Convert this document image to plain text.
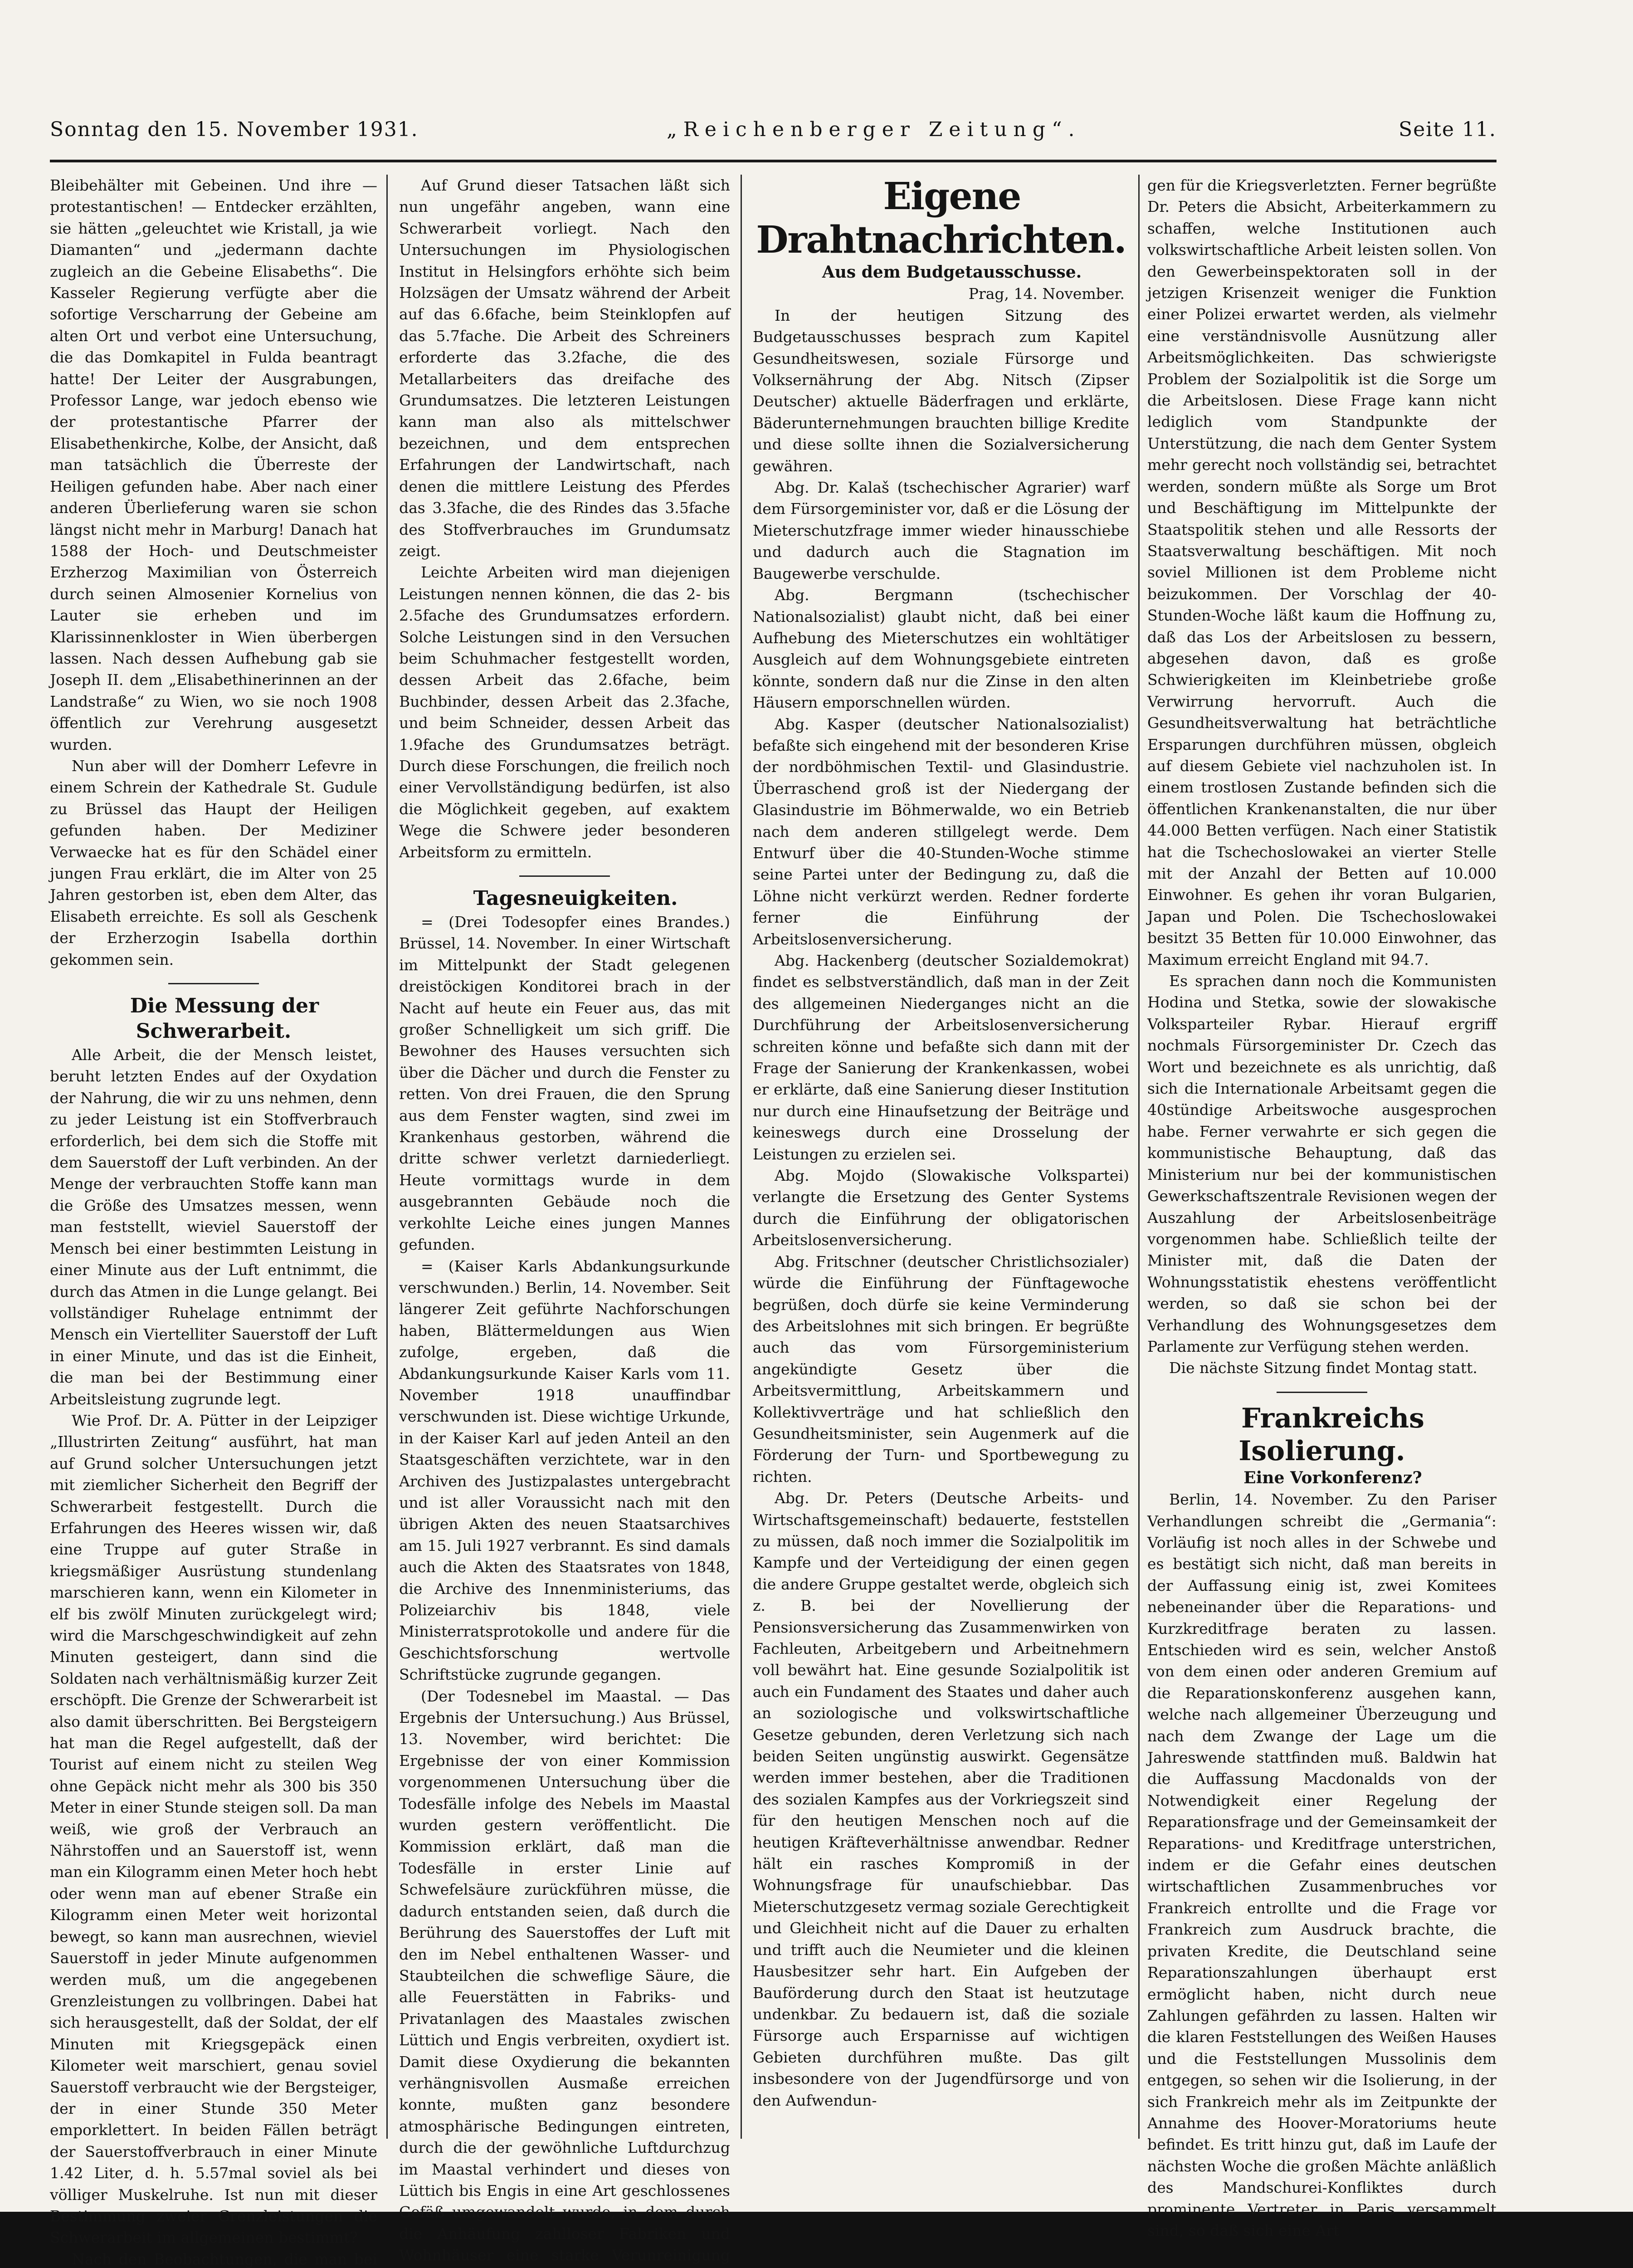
Sonntag den 15. November 1931.	„Reichenberger Zeitung“.	Seite 11.

Bleibehälter mit Gebeinen. Und ihre — protestantischen! — Entdecker erzählten, sie hätten „geleuchtet wie Kristall, ja wie Diamanten“ und „jedermann dachte zugleich an die Gebeine Elisabeths“. Die Kasseler Regierung verfügte aber die sofortige Verscharrung der Gebeine am alten Ort und verbot eine Untersuchung, die das Domkapitel in Fulda beantragt hatte! Der Leiter der Ausgrabungen, Professor Lange, war jedoch ebenso wie der protestantische Pfarrer der Elisabethenkirche, Kolbe, der Ansicht, daß man tatsächlich die Überreste der Heiligen gefunden habe. Aber nach einer anderen Überlieferung waren sie schon längst nicht mehr in Marburg! Danach hat 1588 der Hoch- und Deutschmeister Erzherzog Maximilian von Österreich durch seinen Almosenier Kornelius von Lauter sie erheben und im Klarissinnenkloster in Wien überbergen lassen. Nach dessen Aufhebung gab sie Joseph II. dem „Elisabethinerinnen an der Landstraße“ zu Wien, wo sie noch 1908 öffentlich zur Verehrung ausgesetzt wurden.

Nun aber will der Domherr Lefevre in einem Schrein der Kathedrale St. Gudule zu Brüssel das Haupt der Heiligen gefunden haben. Der Mediziner Verwaecke hat es für den Schädel einer jungen Frau erklärt, die im Alter von 25 Jahren gestorben ist, eben dem Alter, das Elisabeth erreichte. Es soll als Geschenk der Erzherzogin Isabella dorthin gekommen sein.

Die Messung der Schwerarbeit.

Alle Arbeit, die der Mensch leistet, beruht letzten Endes auf der Oxydation der Nahrung, die wir zu uns nehmen, denn zu jeder Leistung ist ein Stoffverbrauch erforderlich, bei dem sich die Stoffe mit dem Sauerstoff der Luft verbinden. An der Menge der verbrauchten Stoffe kann man die Größe des Umsatzes messen, wenn man feststellt, wieviel Sauerstoff der Mensch bei einer bestimmten Leistung in einer Minute aus der Luft entnimmt, die durch das Atmen in die Lunge gelangt. Bei vollständiger Ruhelage entnimmt der Mensch ein Viertelliter Sauerstoff der Luft in einer Minute, und das ist die Einheit, die man bei der Bestimmung einer Arbeitsleistung zugrunde legt.

Wie Prof. Dr. A. Pütter in der Leipziger „Illustrirten Zeitung“ ausführt, hat man auf Grund solcher Untersuchungen jetzt mit ziemlicher Sicherheit den Begriff der Schwerarbeit festgestellt. Durch die Erfahrungen des Heeres wissen wir, daß eine Truppe auf guter Straße in kriegsmäßiger Ausrüstung stundenlang marschieren kann, wenn ein Kilometer in elf bis zwölf Minuten zurückgelegt wird; wird die Marschgeschwindigkeit auf zehn Minuten gesteigert, dann sind die Soldaten nach verhältnismäßig kurzer Zeit erschöpft. Die Grenze der Schwerarbeit ist also damit überschritten. Bei Bergsteigern hat man die Regel aufgestellt, daß der Tourist auf einem nicht zu steilen Weg ohne Gepäck nicht mehr als 300 bis 350 Meter in einer Stunde steigen soll. Da man weiß, wie groß der Verbrauch an Nährstoffen und an Sauerstoff ist, wenn man ein Kilogramm einen Meter hoch hebt oder wenn man auf ebener Straße ein Kilogramm einen Meter weit horizontal bewegt, so kann man ausrechnen, wieviel Sauerstoff in jeder Minute aufgenommen werden muß, um die angegebenen Grenzleistungen zu vollbringen. Dabei hat sich herausgestellt, daß der Soldat, der elf Minuten mit Kriegsgepäck einen Kilometer weit marschiert, genau soviel Sauerstoff verbraucht wie der Bergsteiger, der in einer Stunde 350 Meter emporklettert. In beiden Fällen beträgt der Sauerstoffverbrauch in einer Minute 1.42 Liter, d. h. 5.57mal soviel als bei völliger Muskelruhe. Ist nun mit dieser Bestimmung zweier Grenzleistungen die Schwerarbeit im allgemeinen bestimmt?

Nach den Beobachtungen, die man bei

Auf Grund dieser Tatsachen läßt sich nun ungefähr angeben, wann eine Schwerarbeit vorliegt. Nach den Untersuchungen im Physiologischen Institut in Helsingfors erhöhte sich beim Holzsägen der Umsatz während der Arbeit auf das 6.6fache, beim Steinklopfen auf das 5.7fache. Die Arbeit des Schreiners erforderte das 3.2fache, die des Metallarbeiters das dreifache des Grundumsatzes. Die letzteren Leistungen kann man also als mittelschwer bezeichnen, und dem entsprechen Erfahrungen der Landwirtschaft, nach denen die mittlere Leistung des Pferdes das 3.3fache, die des Rindes das 3.5fache des Stoffverbrauches im Grundumsatz zeigt.

Leichte Arbeiten wird man diejenigen Leistungen nennen können, die das 2- bis 2.5fache des Grundumsatzes erfordern. Solche Leistungen sind in den Versuchen beim Schuhmacher festgestellt worden, dessen Arbeit das 2.6fache, beim Buchbinder, dessen Arbeit das 2.3fache, und beim Schneider, dessen Arbeit das 1.9fache des Grundumsatzes beträgt. Durch diese Forschungen, die freilich noch einer Vervollständigung bedürfen, ist also die Möglichkeit gegeben, auf exaktem Wege die Schwere jeder besonderen Arbeitsform zu ermitteln.

Tagesneuigkeiten.

= (Drei Todesopfer eines Brandes.) Brüssel, 14. November. In einer Wirtschaft im Mittelpunkt der Stadt gelegenen dreistöckigen Konditorei brach in der Nacht auf heute ein Feuer aus, das mit großer Schnelligkeit um sich griff. Die Bewohner des Hauses versuchten sich über die Dächer und durch die Fenster zu retten. Von drei Frauen, die den Sprung aus dem Fenster wagten, sind zwei im Krankenhaus gestorben, während die dritte schwer verletzt darniederliegt. Heute vormittags wurde in dem ausgebrannten Gebäude noch die verkohlte Leiche eines jungen Mannes gefunden.

= (Kaiser Karls Abdankungsurkunde verschwunden.) Berlin, 14. November. Seit längerer Zeit geführte Nachforschungen haben, Blättermeldungen aus Wien zufolge, ergeben, daß die Abdankungsurkunde Kaiser Karls vom 11. November 1918 unauffindbar verschwunden ist. Diese wichtige Urkunde, in der Kaiser Karl auf jeden Anteil an den Staatsgeschäften verzichtete, war in den Archiven des Justizpalastes untergebracht und ist aller Voraussicht nach mit den übrigen Akten des neuen Staatsarchives am 15. Juli 1927 verbrannt. Es sind damals auch die Akten des Staatsrates von 1848, die Archive des Innenministeriums, das Polizeiarchiv bis 1848, viele Ministerratsprotokolle und andere für die Geschichtsforschung wertvolle Schriftstücke zugrunde gegangen.

(Der Todesnebel im Maastal. — Das Ergebnis der Untersuchung.) Aus Brüssel, 13. November, wird berichtet: Die Ergebnisse der von einer Kommission vorgenommenen Untersuchung über die Todesfälle infolge des Nebels im Maastal wurden gestern veröffentlicht. Die Kommission erklärt, daß man die Todesfälle in erster Linie auf Schwefelsäure zurückführen müsse, die dadurch entstanden seien, daß durch die Berührung des Sauerstoffes der Luft mit den im Nebel enthaltenen Wasser- und Staubteilchen die schweflige Säure, die alle Feuerstätten in Fabriks- und Privatanlagen des Maastales zwischen Lüttich und Engis verbreiten, oxydiert ist. Damit diese Oxydierung die bekannten verhängnisvollen Ausmaße erreichen konnte, mußten ganz besondere atmosphärische Bedingungen eintreten, durch die der gewöhnliche Luftdurchzug im Maastal verhindert und dieses von Lüttich bis Engis in eine Art geschlossenes Gefäß umgewandelt wurde, in dem durch die Anhäufung zahlloser Fabriken und Wohnhäuser eine starke Verunreinigung

Eigene Drahtnachrichten.

Aus dem Budgetausschusse.

Prag, 14. November.

In der heutigen Sitzung des Budgetausschusses besprach zum Kapitel Gesundheitswesen, soziale Fürsorge und Volksernährung der Abg. Nitsch (Zipser Deutscher) aktuelle Bäderfragen und erklärte, Bäderunternehmungen brauchten billige Kredite und diese sollte ihnen die Sozialversicherung gewähren.

Abg. Dr. Kalaš (tschechischer Agrarier) warf dem Fürsorgeminister vor, daß er die Lösung der Mieterschutzfrage immer wieder hinausschiebe und dadurch auch die Stagnation im Baugewerbe verschulde.

Abg. Bergmann (tschechischer Nationalsozialist) glaubt nicht, daß bei einer Aufhebung des Mieterschutzes ein wohltätiger Ausgleich auf dem Wohnungsgebiete eintreten könnte, sondern daß nur die Zinse in den alten Häusern emporschnellen würden.

Abg. Kasper (deutscher Nationalsozialist) befaßte sich eingehend mit der besonderen Krise der nordböhmischen Textil- und Glasindustrie. Überraschend groß ist der Niedergang der Glasindustrie im Böhmerwalde, wo ein Betrieb nach dem anderen stillgelegt werde. Dem Entwurf über die 40-Stunden-Woche stimme seine Partei unter der Bedingung zu, daß die Löhne nicht verkürzt werden. Redner forderte ferner die Einführung der Arbeitslosenversicherung.

Abg. Hackenberg (deutscher Sozialdemokrat) findet es selbstverständlich, daß man in der Zeit des allgemeinen Niederganges nicht an die Durchführung der Arbeitslosenversicherung schreiten könne und befaßte sich dann mit der Frage der Sanierung der Krankenkassen, wobei er erklärte, daß eine Sanierung dieser Institution nur durch eine Hinaufsetzung der Beiträge und keineswegs durch eine Drosselung der Leistungen zu erzielen sei.

Abg. Mojdo (Slowakische Volkspartei) verlangte die Ersetzung des Genter Systems durch die Einführung der obligatorischen Arbeitslosenversicherung.

Abg. Fritschner (deutscher Christlichsozialer) würde die Einführung der Fünftagewoche begrüßen, doch dürfe sie keine Verminderung des Arbeitslohnes mit sich bringen. Er begrüßte auch das vom Fürsorgeministerium angekündigte Gesetz über die Arbeitsvermittlung, Arbeitskammern und Kollektivverträge und hat schließlich den Gesundheitsminister, sein Augenmerk auf die Förderung der Turn- und Sportbewegung zu richten.

Abg. Dr. Peters (Deutsche Arbeits- und Wirtschaftsgemeinschaft) bedauerte, feststellen zu müssen, daß noch immer die Sozialpolitik im Kampfe und der Verteidigung der einen gegen die andere Gruppe gestaltet werde, obgleich sich z. B. bei der Novellierung der Pensionsversicherung das Zusammenwirken von Fachleuten, Arbeitgebern und Arbeitnehmern voll bewährt hat. Eine gesunde Sozialpolitik ist auch ein Fundament des Staates und daher auch an soziologische und volkswirtschaftliche Gesetze gebunden, deren Verletzung sich nach beiden Seiten ungünstig auswirkt. Gegensätze werden immer bestehen, aber die Traditionen des sozialen Kampfes aus der Vorkriegszeit sind für den heutigen Menschen noch auf die heutigen Kräfteverhältnisse anwendbar. Redner hält ein rasches Kompromiß in der Wohnungsfrage für unaufschiebbar. Das Mieterschutzgesetz vermag soziale Gerechtigkeit und Gleichheit nicht auf die Dauer zu erhalten und trifft auch die Neumieter und die kleinen Hausbesitzer sehr hart. Ein Aufgeben der Bauförderung durch den Staat ist heutzutage undenkbar. Zu bedauern ist, daß die soziale Fürsorge auch Ersparnisse auf wichtigen Gebieten durchführen mußte. Das gilt insbesondere von der Jugendfürsorge und von den Aufwendun-

gen für die Kriegsverletzten. Ferner begrüßte Dr. Peters die Absicht, Arbeiterkammern zu schaffen, welche Institutionen auch volkswirtschaftliche Arbeit leisten sollen. Von den Gewerbeinspektoraten soll in der jetzigen Krisenzeit weniger die Funktion einer Polizei erwartet werden, als vielmehr eine verständnisvolle Ausnützung aller Arbeitsmöglichkeiten. Das schwierigste Problem der Sozialpolitik ist die Sorge um die Arbeitslosen. Diese Frage kann nicht lediglich vom Standpunkte der Unterstützung, die nach dem Genter System mehr gerecht noch vollständig sei, betrachtet werden, sondern müßte als Sorge um Brot und Beschäftigung im Mittelpunkte der Staatspolitik stehen und alle Ressorts der Staatsverwaltung beschäftigen. Mit noch soviel Millionen ist dem Probleme nicht beizukommen. Der Vorschlag der 40-Stunden-Woche läßt kaum die Hoffnung zu, daß das Los der Arbeitslosen zu bessern, abgesehen davon, daß es große Schwierigkeiten im Kleinbetriebe große Verwirrung hervorruft. Auch die Gesundheitsverwaltung hat beträchtliche Ersparungen durchführen müssen, obgleich auf diesem Gebiete viel nachzuholen ist. In einem trostlosen Zustande befinden sich die öffentlichen Krankenanstalten, die nur über 44.000 Betten verfügen. Nach einer Statistik hat die Tschechoslowakei an vierter Stelle mit der Anzahl der Betten auf 10.000 Einwohner. Es gehen ihr voran Bulgarien, Japan und Polen. Die Tschechoslowakei besitzt 35 Betten für 10.000 Einwohner, das Maximum erreicht England mit 94.7.

Es sprachen dann noch die Kommunisten Hodina und Stetka, sowie der slowakische Volksparteiler Rybar. Hierauf ergriff nochmals Fürsorgeminister Dr. Czech das Wort und bezeichnete es als unrichtig, daß sich die Internationale Arbeitsamt gegen die 40stündige Arbeitswoche ausgesprochen habe. Ferner verwahrte er sich gegen die kommunistische Behauptung, daß das Ministerium nur bei der kommunistischen Gewerkschaftszentrale Revisionen wegen der Auszahlung der Arbeitslosenbeiträge vorgenommen habe. Schließlich teilte der Minister mit, daß die Daten der Wohnungsstatistik ehestens veröffentlicht werden, so daß sie schon bei der Verhandlung des Wohnungsgesetzes dem Parlamente zur Verfügung stehen werden.

Die nächste Sitzung findet Montag statt.

Frankreichs Isolierung.

Eine Vorkonferenz?

Berlin, 14. November. Zu den Pariser Verhandlungen schreibt die „Germania“: Vorläufig ist noch alles in der Schwebe und es bestätigt sich nicht, daß man bereits in der Auffassung einig ist, zwei Komitees nebeneinander über die Reparations- und Kurzkreditfrage beraten zu lassen. Entschieden wird es sein, welcher Anstoß von dem einen oder anderen Gremium auf die Reparationskonferenz ausgehen kann, welche nach allgemeiner Überzeugung und nach dem Zwange der Lage um die Jahreswende stattfinden muß. Baldwin hat die Auffassung Macdonalds von der Notwendigkeit einer Regelung der Reparationsfrage und der Gemeinsamkeit der Reparations- und Kreditfrage unterstrichen, indem er die Gefahr eines deutschen wirtschaftlichen Zusammenbruches vor Frankreich entrollte und die Frage vor Frankreich zum Ausdruck brachte, die privaten Kredite, die Deutschland seine Reparationszahlungen überhaupt erst ermöglicht haben, nicht durch neue Zahlungen gefährden zu lassen. Halten wir die klaren Feststellungen des Weißen Hauses und die Feststellungen Mussolinis dem entgegen, so sehen wir die Isolierung, in der sich Frankreich mehr als im Zeitpunkte der Annahme des Hoover-Moratoriums heute befindet. Es tritt hinzu gut, daß im Laufe der nächsten Woche die großen Mächte anläßlich des Mandschurei-Konfliktes durch prominente Vertreter in Paris versammelt sind, so daß sich eine Art
